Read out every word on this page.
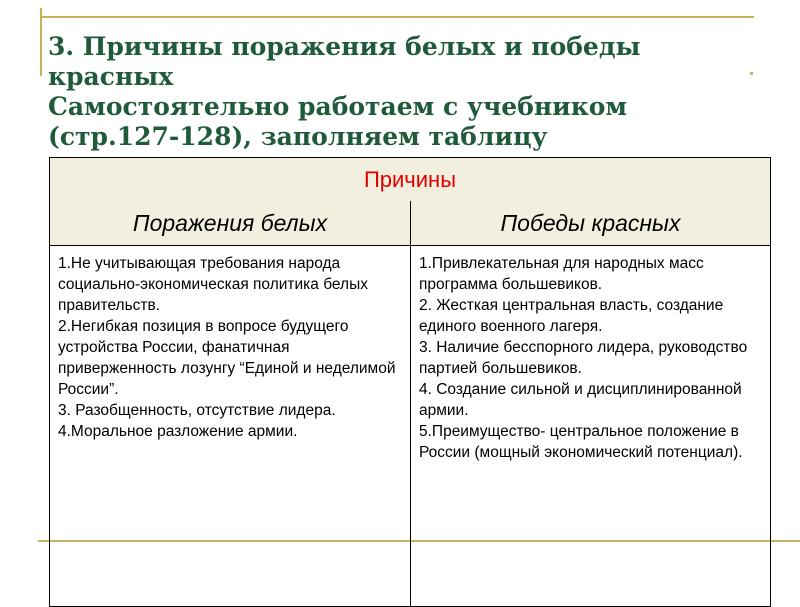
3. Причины поражения белых и победы
красных
Самостоятельно работаем с учебником
(стр.127-128), заполняем таблицу
Причины
Поражения белых	Победы красных
1.Не учитывающая требования народа социально-экономическая политика белых правительств.
2.Негибкая позиция в вопросе будущего устройства России, фанатичная приверженность лозунгу “Единой и неделимой России”.
3. Разобщенность, отсутствие лидера.
4.Моральное разложение армии.
1.Привлекательная для народных масс программа большевиков.
2. Жесткая центральная власть, создание единого военного лагеря.
3. Наличие бесспорного лидера, руководство партией большевиков.
4. Создание сильной и дисциплинированной армии.
5.Преимущество- центральное положение в России (мощный экономический потенциал).
